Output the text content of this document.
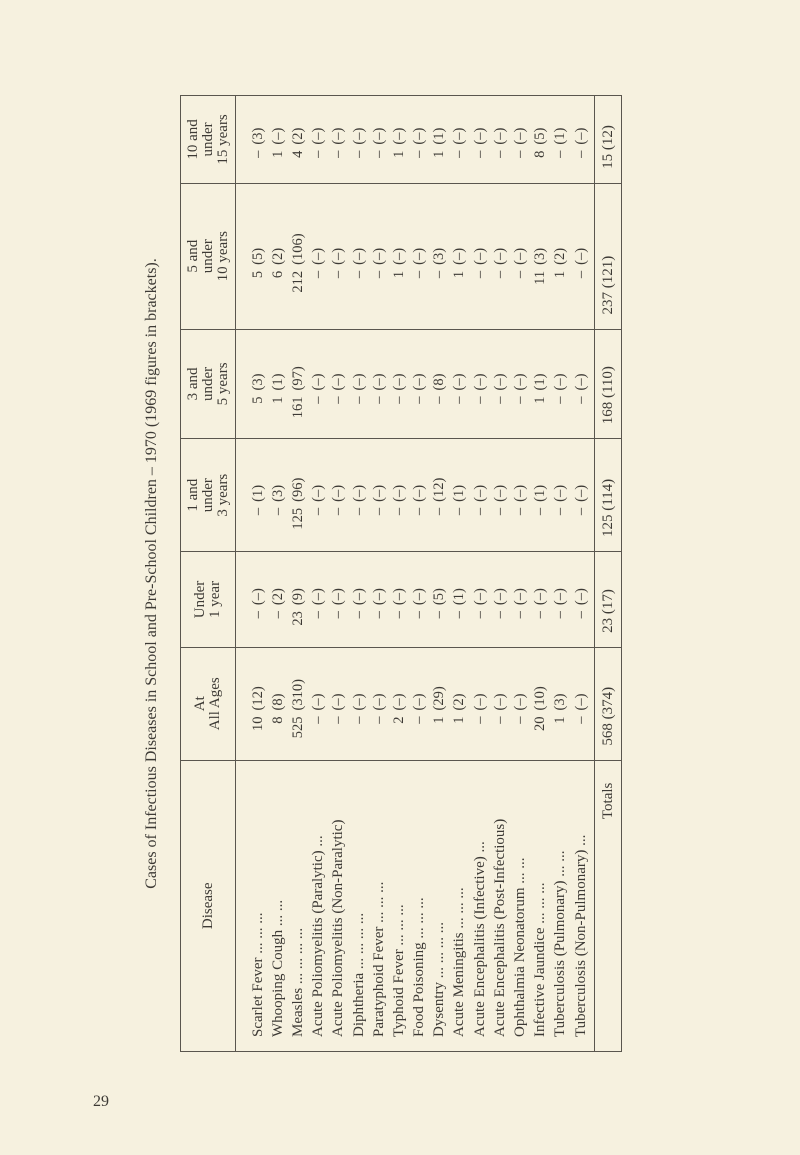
Cases of Infectious Diseases in School and Pre-School Children – 1970 (1969 figures in brackets).
Disease
Scarlet Fever ... ... ... Whooping Cough ... ... Measles ... ... ... ... Acute Poliomyelitis (Paralytic) ... Acute Poliomyelitis (Non-Paralytic) Diphtheria ... ... ... ... Paratyphoid Fever ... ... ... Typhoid Fever ... ... ... Food Poisoning ... ... ... Dysentry ... ... ... ... Acute Meningitis ... ... ... Acute Encephalitis (Infective) ... Acute Encephalitis (Post-Infectious) Ophthalmia Neonatorum ... ... Infective Jaundice ... ... ... Tuberculosis (Pulmonary) ... ... Tuberculosis (Non-Pulmonary) ...
Totals
At
All Ages
10
(12)
8
(8)
525
(310)
–
(–)
–
(–)
–
(–)
–
(–)
2
(–)
–
(–)
1
(29)
1
(2)
–
(–)
–
(–)
–
(–)
20
(10)
1
(3)
–
(–) 568 (374)
Under
1 year
–
(–)
–
(2)
23
(9)
–
(–)
–
(–)
–
(–)
–
(–)
–
(–)
–
(–)
–
(5)
–
(1)
–
(–)
–
(–)
–
(–)
–
(–)
–
(–)
–
(–) 23 (17)
1 and
under
3 years
–
(1)
–
(3)
125
(96)
–
(–)
–
(–)
–
(–)
–
(–)
–
(–)
–
(–)
–
(12)
–
(1)
–
(–)
–
(–)
–
(–)
–
(1)
–
(–)
–
(–) 125 (114)
3 and
under
5 years
5
(3)
1
(1)
161
(97)
–
(–)
–
(–)
–
(–)
–
(–)
–
(–)
–
(–)
–
(8)
–
(–)
–
(–)
–
(–)
–
(–)
1
(1)
–
(–)
–
(–) 168 (110)
5 and
under
10 years
5
(5)
6
(2)
212
(106)
–
(–)
–
(–)
–
(–)
–
(–)
1
(–)
–
(–)
–
(3)
1
(–)
–
(–)
–
(–)
–
(–)
11
(3)
1
(2)
–
(–) 237 (121)
10 and
under
15 years
–
(3)
1
(–)
4
(2)
–
(–)
–
(–)
–
(–)
–
(–)
1
(–)
–
(–)
1
(1)
–
(–)
–
(–)
–
(–)
–
(–)
8
(5)
–
(1)
–
(–) 15 (12)
29
